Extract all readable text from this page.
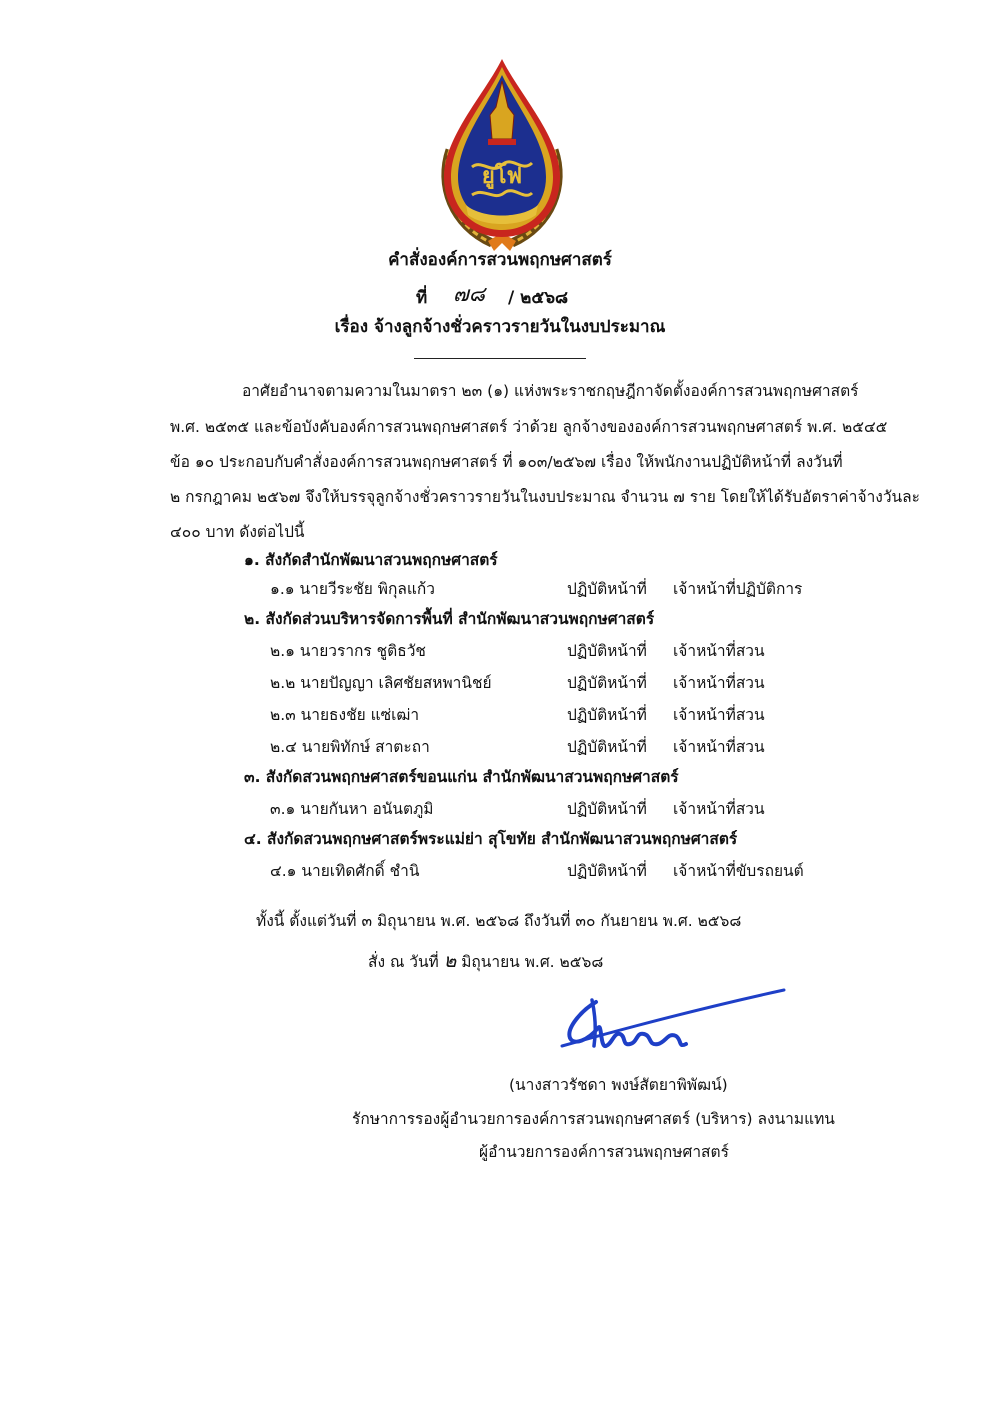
ยูโฟ
คำสั่งองค์การสวนพฤกษศาสตร์
ที่ ๗๘ / ๒๕๖๘
เรื่อง จ้างลูกจ้างชั่วคราวรายวันในงบประมาณ
อาศัยอำนาจตามความในมาตรา ๒๓ (๑) แห่งพระราชกฤษฎีกาจัดตั้งองค์การสวนพฤกษศาสตร์
พ.ศ. ๒๕๓๕ และข้อบังคับองค์การสวนพฤกษศาสตร์ ว่าด้วย ลูกจ้างขององค์การสวนพฤกษศาสตร์ พ.ศ. ๒๕๔๕
ข้อ ๑๐ ประกอบกับคำสั่งองค์การสวนพฤกษศาสตร์ ที่ ๑๐๓/๒๕๖๗ เรื่อง ให้พนักงานปฏิบัติหน้าที่ ลงวันที่
๒ กรกฎาคม ๒๕๖๗ จึงให้บรรจุลูกจ้างชั่วคราวรายวันในงบประมาณ จำนวน ๗ ราย โดยให้ได้รับอัตราค่าจ้างวันละ
๔๐๐ บาท ดังต่อไปนี้
๑. สังกัดสำนักพัฒนาสวนพฤกษศาสตร์
๑.๑ นายวีระชัย พิกุลแก้ว	ปฏิบัติหน้าที่ เจ้าหน้าที่ปฏิบัติการ
๒. สังกัดส่วนบริหารจัดการพื้นที่ สำนักพัฒนาสวนพฤกษศาสตร์
๒.๑ นายวรากร ชูติธวัช	ปฏิบัติหน้าที่ เจ้าหน้าที่สวน
๒.๒ นายปัญญา เลิศชัยสหพานิชย์	ปฏิบัติหน้าที่ เจ้าหน้าที่สวน
๒.๓ นายธงชัย แซ่เฒ่า	ปฏิบัติหน้าที่ เจ้าหน้าที่สวน
๒.๔ นายพิทักษ์ สาตะถา	ปฏิบัติหน้าที่ เจ้าหน้าที่สวน
๓. สังกัดสวนพฤกษศาสตร์ขอนแก่น สำนักพัฒนาสวนพฤกษศาสตร์
๓.๑ นายกันหา อนันตภูมิ	ปฏิบัติหน้าที่ เจ้าหน้าที่สวน
๔. สังกัดสวนพฤกษศาสตร์พระแม่ย่า สุโขทัย สำนักพัฒนาสวนพฤกษศาสตร์
๔.๑ นายเทิดศักดิ์ ชำนิ	ปฏิบัติหน้าที่ เจ้าหน้าที่ขับรถยนต์
ทั้งนี้ ตั้งแต่วันที่ ๓ มิถุนายน พ.ศ. ๒๕๖๘ ถึงวันที่ ๓๐ กันยายน พ.ศ. ๒๕๖๘
สั่ง ณ วันที่ ๒ มิถุนายน พ.ศ. ๒๕๖๘
(นางสาวรัชดา พงษ์สัตยาพิพัฒน์)
รักษาการรองผู้อำนวยการองค์การสวนพฤกษศาสตร์ (บริหาร) ลงนามแทน
ผู้อำนวยการองค์การสวนพฤกษศาสตร์
